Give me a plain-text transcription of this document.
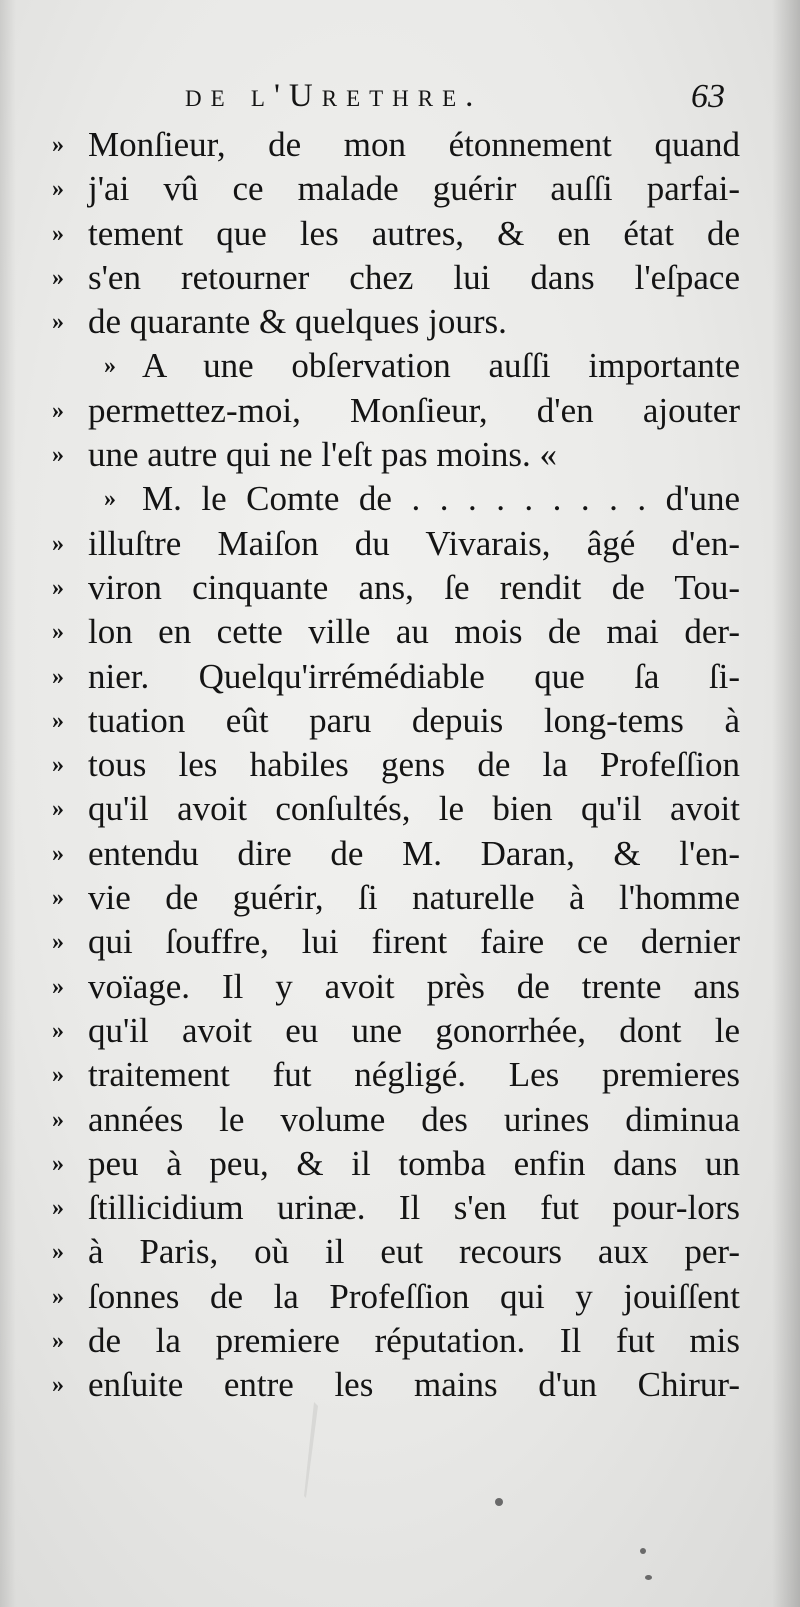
de l'Urethre.	63
» Monſieur, de mon étonnement quand
» j'ai vû ce malade guérir auſſi parfai-
» tement que les autres, & en état de
» s'en retourner chez lui dans l'eſpace
» de quarante & quelques jours.
» A une obſervation auſſi importante
» permettez-moi, Monſieur, d'en ajouter
» une autre qui ne l'eſt pas moins. «
» M. le Comte de . . . . . . . . . d'une
» illuſtre Maiſon du Vivarais, âgé d'en-
» viron cinquante ans, ſe rendit de Tou-
» lon en cette ville au mois de mai der-
» nier. Quelqu'irrémédiable que ſa ſi-
» tuation eût paru depuis long-tems à
» tous les habiles gens de la Profeſſion
» qu'il avoit conſultés, le bien qu'il avoit
» entendu dire de M. Daran, & l'en-
» vie de guérir, ſi naturelle à l'homme
» qui ſouffre, lui firent faire ce dernier
» voïage. Il y avoit près de trente ans
» qu'il avoit eu une gonorrhée, dont le
» traitement fut négligé. Les premieres
» années le volume des urines diminua
» peu à peu, & il tomba enfin dans un
» ſtillicidium urinæ. Il s'en fut pour-lors
» à Paris, où il eut recours aux per-
» ſonnes de la Profeſſion qui y jouiſſent
» de la premiere réputation. Il fut mis
» enſuite entre les mains d'un Chirur-
